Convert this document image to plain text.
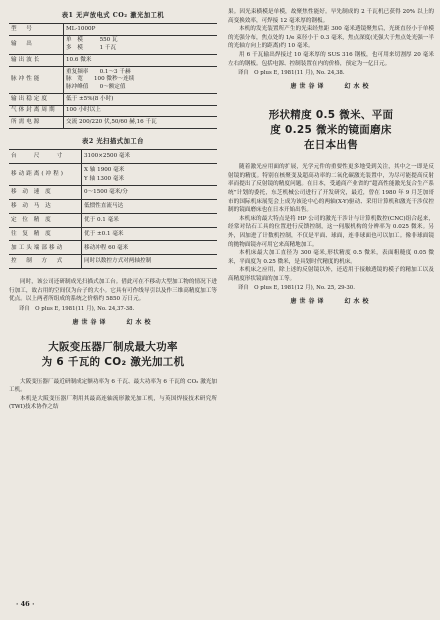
表1 无声放电式 CO₂ 激光加工机
型　号	ML-1000P

输　出	单　模　　　550 瓦
多　模　　　1 千瓦

输出波长	10.6 微米

脉冲性能	重复频率　　0.1～3 千赫
脉　宽　　100 微秒～连续
脉冲峰值　　0～额定值

输出稳定度	低于 ±5%(8 小时)

气体封离周期	100 小时以上

所需电源	交流 200/220 伏,50/60 赫,16 千瓦
表2 光扫描式加工台
台　　尺　　寸	3100×2500 毫米

移动距离(冲程)	X 轴 1900 毫米
Y 轴 1300 毫米

移 动 速 度	0～1500 毫米/分

移 动 马 达	低惯性直流马达

定 位 精 度	优于 0.1 毫米

往 复 精 度	优于 ±0.1 毫米

加工头端部移动	移动冲程 60 毫米

控　制　方　式	同时以数控方式对两轴控制

同时，该公司还研制成光扫描式加工台。借此可在不移动大型加工物的情况下进行加工，故占用的空间仅为台子的大小。它具有可作线导引以及作三维高精度加工等优点。以上两者所组成的系统之价格约 5850 万日元。

译自　O plus E, 1981(11 月), No. 24,37-38.
唐世谷译　　幻水校
大阪变压器厂制成最大功率
为 6 千瓦的 CO₂ 激光加工机

大阪变压器厂最近研制成定额功率为 6 千瓦、最大功率为 6 千瓦的 CO₂ 激光加工机。

本机是大阪变压器厂利用其最高连轴流形激光加工机，与英国焊接技术研究所(TWI)技术协作之结

果。因光束横模是单模，故聚焦性能好。早先制成的 2 千瓦机已获得 20% 以上的高变换效率，可焊接 12 毫米厚的钢板。

本机的发光装置所产生的光束经焦距 300 毫米透镜聚焦后，光斑直径小于单模的光强分布，焦点处的 1/e 束径小于 0.3 毫米，焦点深度(光强大于焦点处光强一半的光轴方向上的距离)约 10 毫米。

用 6 千瓦输出焊接过 10 毫米厚的 SUS 316 钢板，也可用来切割厚 20 毫米左右的钢板。包括电源、控制装置在内的价格，预定为一亿日元。

译自　O plus E, 1981(11 月), No. 24,38.
唐世谷译　　幻水校
形状精度 0.5 微米、平面
度 0.25 微米的镜面磨床
在日本出售

随着激光应用面的扩展，光学元件的重要性更多地受到关注，其中之一即是反射镜的精度。特别在核聚变及超高功率的二氧化碳激光装置中，为尽可能提高反射率而提出了反射镜的精度问题。在日本，受通商产业省的“超高性能激光复合生产系统”计划的委托，东芝机械公司进行了开发研究，最近，曾在 1980 年 9 月芝加哥市的国际机床展览会上成为该论中心的两轴(X-Y)驱动、采用计算机和激光干涉仪控制的镜面磨床也在日本开始出售。

本机床的最大特点是将 HP 公司的激光干涉计与计算机数控(CNC)组合起来，经常对钻石工具的位置进行反馈控制，这一伺服机构的分辨率为 0.025 微米。另外，因加进了计数机控制，不仅是平面、球面，连非球面也可以加工。像非球面镜的抛物面镜亦可用它来高精地加工。

本机床最大加工直径为 300 毫米,形状精度 0.5 微米，表面粗糙度 0.05 微米，平面度为 0.25 微米，是具划时代精度的机床。

本机床之应用，除上述的反射镜以外，还适用于接触透镜的模子的精加工以及高精度形状镜面的加工等。

译自　O plus E, 1981(12 月), No. 25, 29-30.
唐世谷译　　幻水校
· 46 ·
